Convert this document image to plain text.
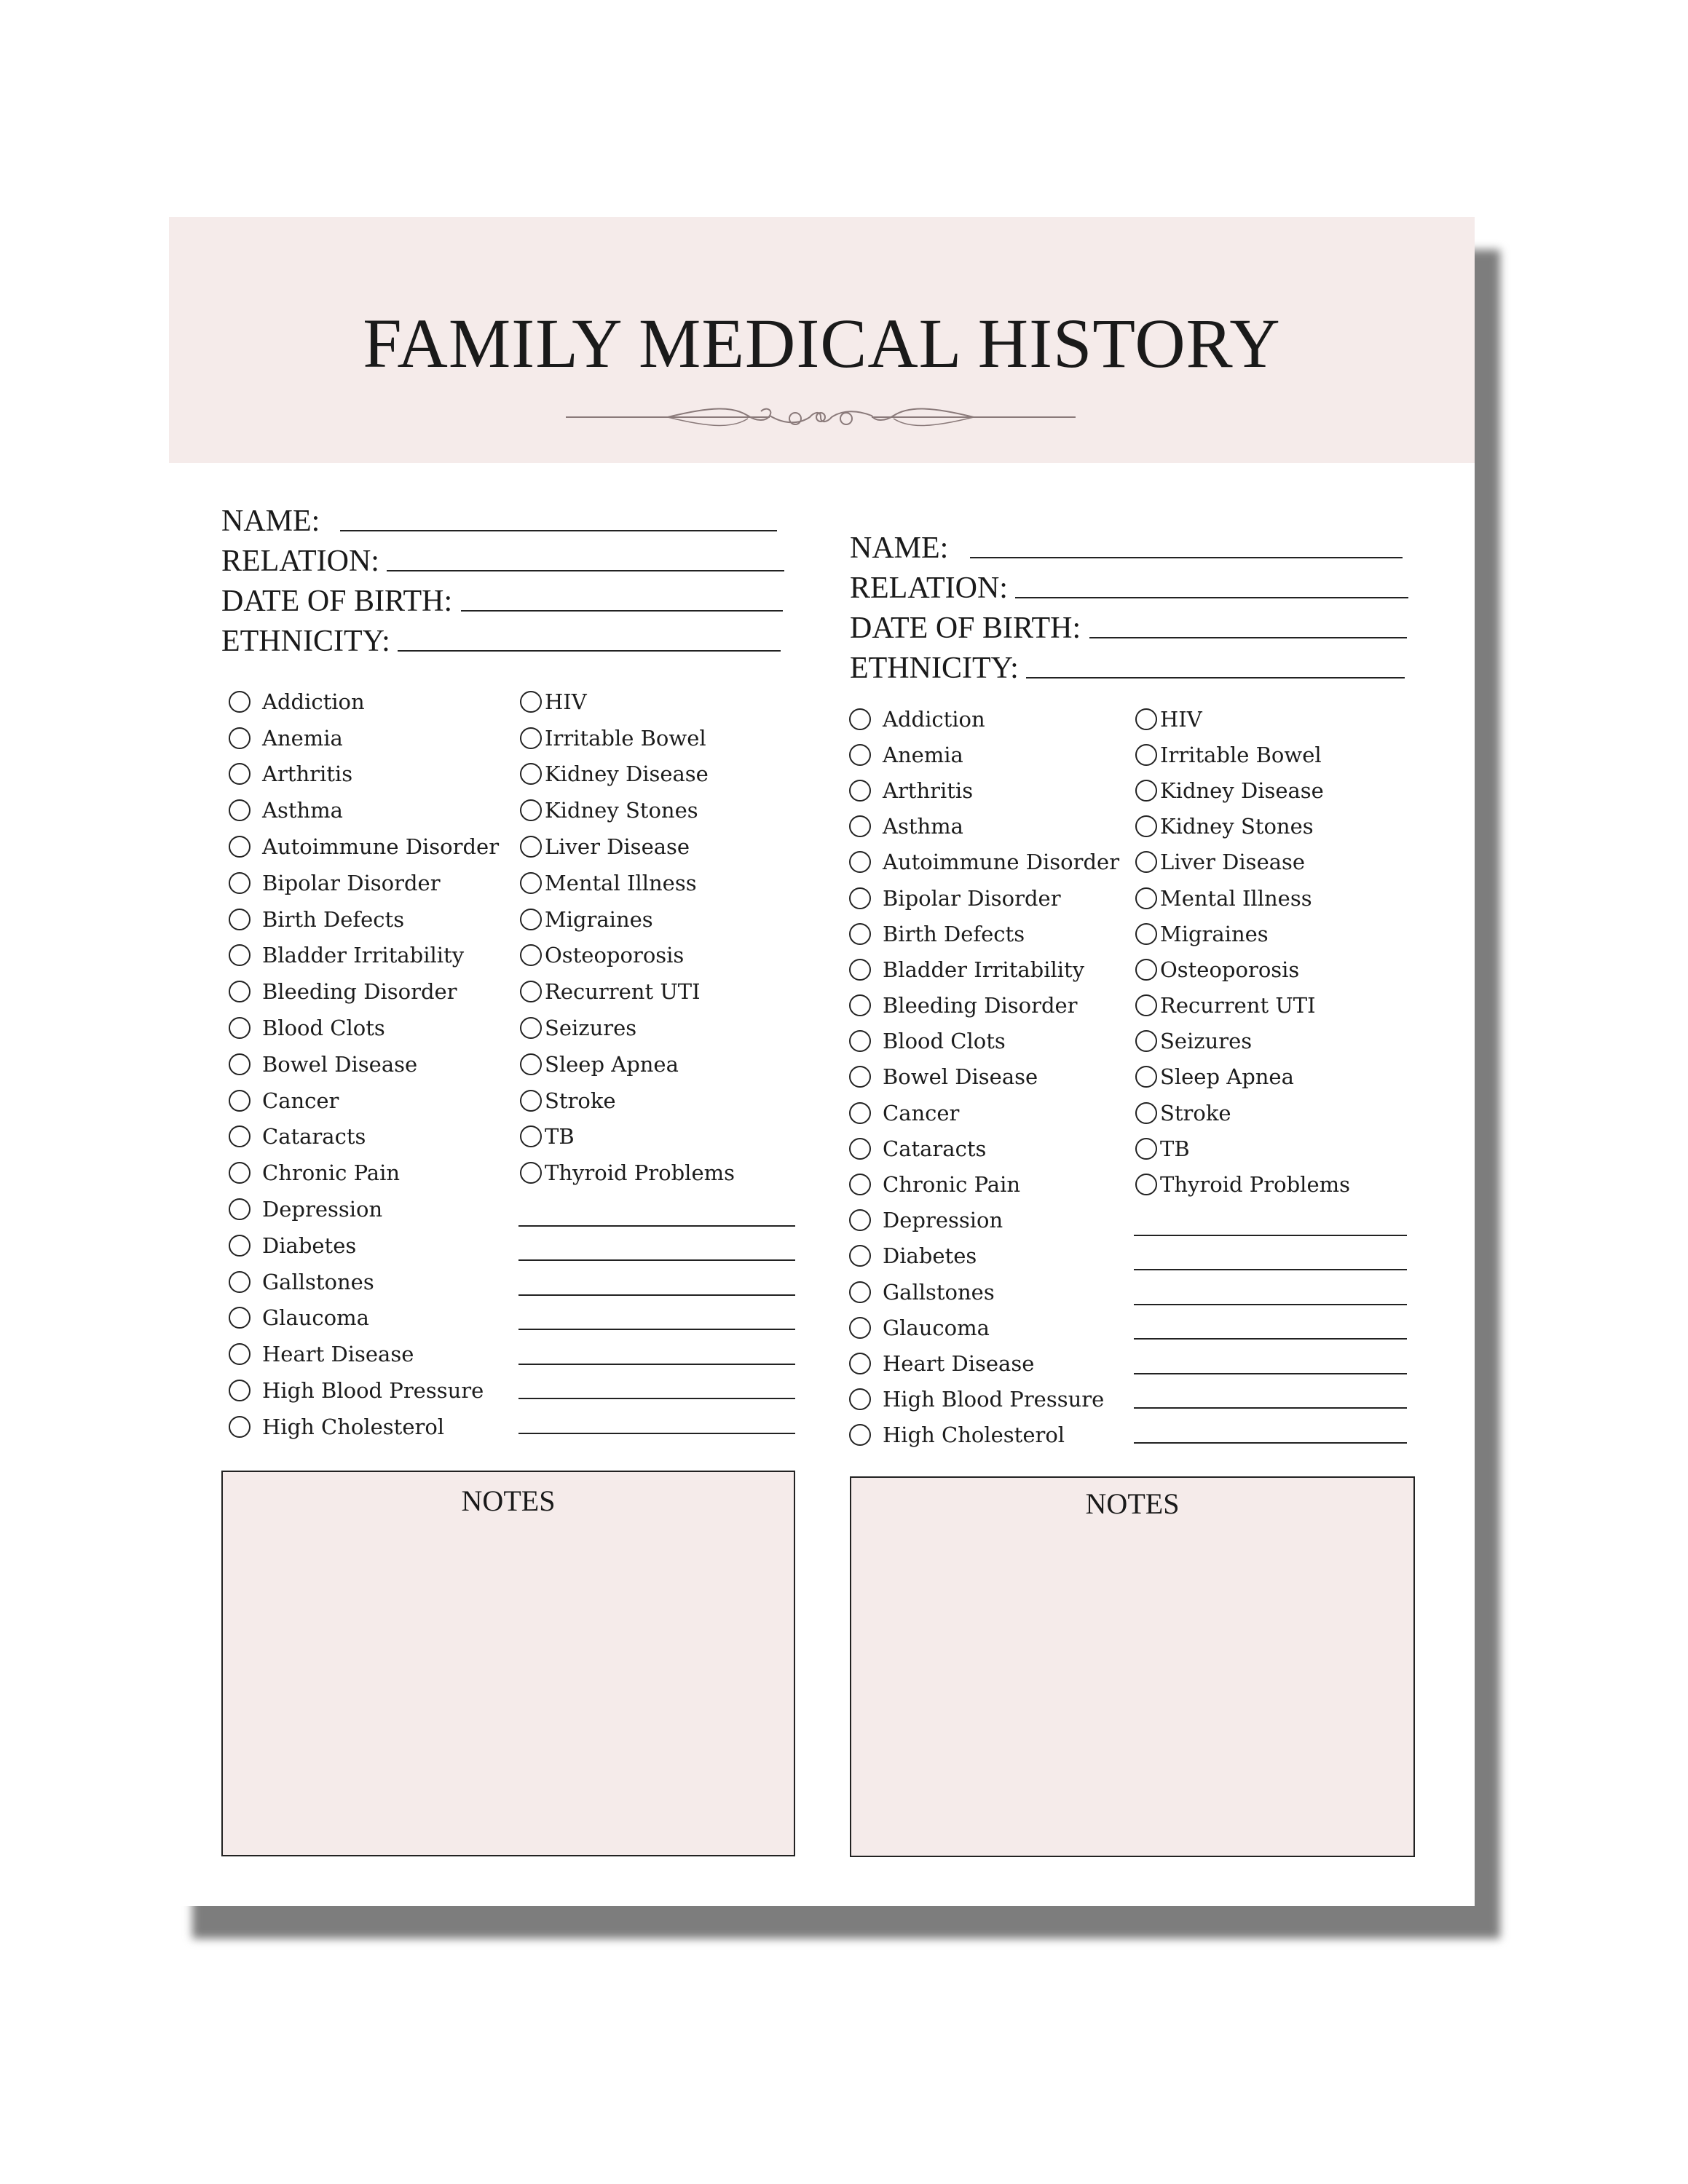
FAMILY MEDICAL HISTORY
NAME:
RELATION:
DATE OF BIRTH:
ETHNICITY:
Addiction
Anemia
Arthritis
Asthma
Autoimmune Disorder
Bipolar Disorder
Birth Defects
Bladder Irritability
Bleeding Disorder
Blood Clots
Bowel Disease
Cancer
Cataracts
Chronic Pain
Depression
Diabetes
Gallstones
Glaucoma
Heart Disease
High Blood Pressure
High Cholesterol
HIV
Irritable Bowel
Kidney Disease
Kidney Stones
Liver Disease
Mental Illness
Migraines
Osteoporosis
Recurrent UTI
Seizures
Sleep Apnea
Stroke
TB
Thyroid Problems
NOTES
NAME:
RELATION:
DATE OF BIRTH:
ETHNICITY:
Addiction
Anemia
Arthritis
Asthma
Autoimmune Disorder
Bipolar Disorder
Birth Defects
Bladder Irritability
Bleeding Disorder
Blood Clots
Bowel Disease
Cancer
Cataracts
Chronic Pain
Depression
Diabetes
Gallstones
Glaucoma
Heart Disease
High Blood Pressure
High Cholesterol
HIV
Irritable Bowel
Kidney Disease
Kidney Stones
Liver Disease
Mental Illness
Migraines
Osteoporosis
Recurrent UTI
Seizures
Sleep Apnea
Stroke
TB
Thyroid Problems
NOTES
